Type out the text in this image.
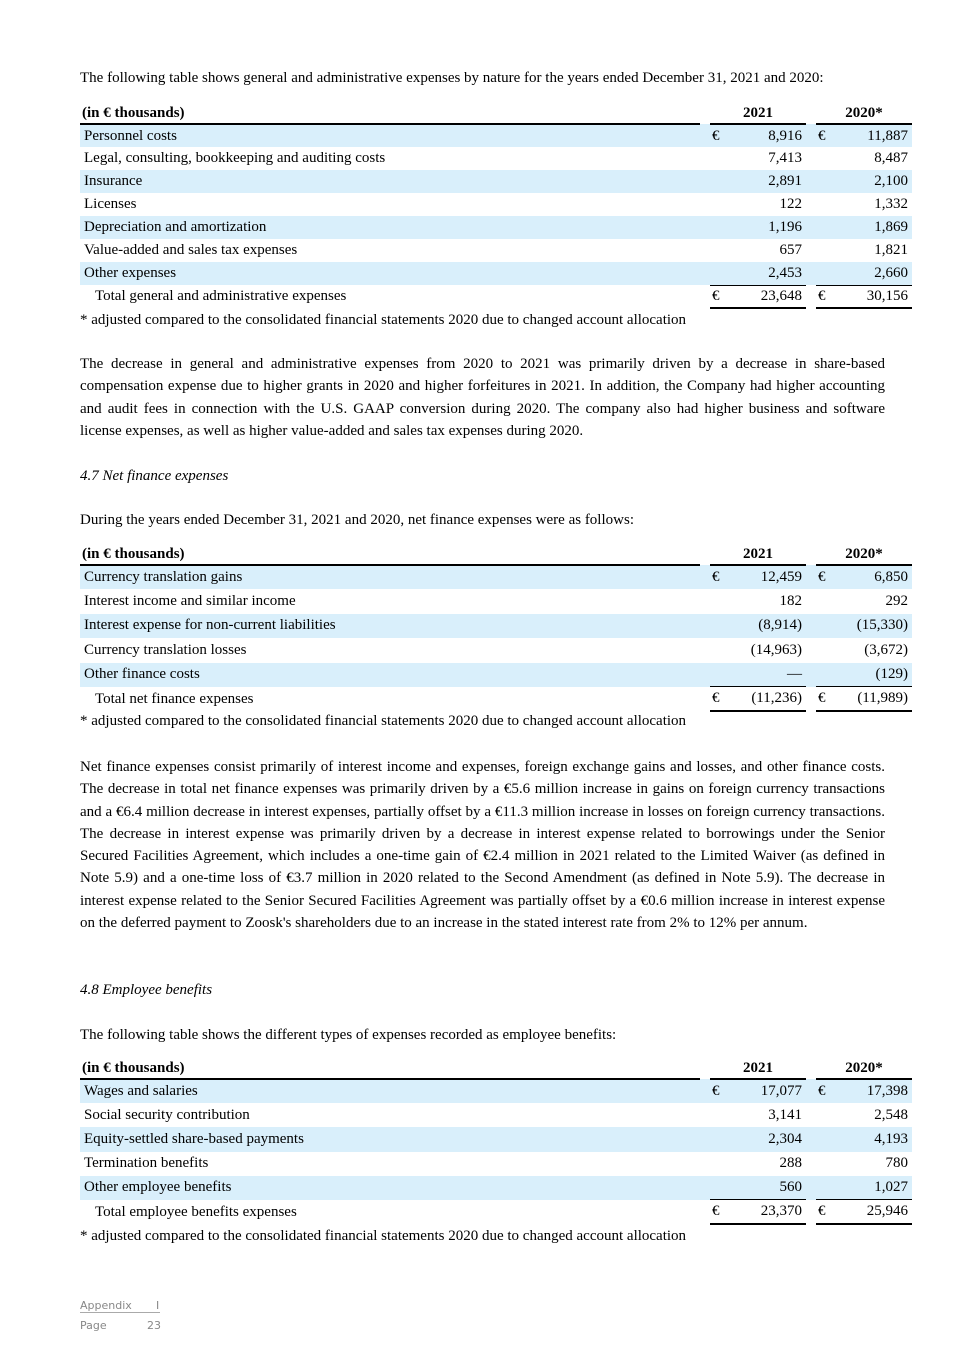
The following table shows general and administrative expenses by nature for the years ended December 31, 2021 and 2020:
(in € thousands)		2021			2020*	
Personnel costs		€	8,916		€	11,887
Legal, consulting, bookkeeping and auditing costs			7,413			8,487
Insurance			2,891			2,100
Licenses			122			1,332
Depreciation and amortization			1,196			1,869
Value-added and sales tax expenses			657			1,821
Other expenses			2,453			2,660
Total general and administrative expenses		€	23,648		€	30,156
* adjusted compared to the consolidated financial statements 2020 due to changed account allocation

The decrease in general and administrative expenses from 2020 to 2021 was primarily driven by a decrease in share-based compensation expense due to higher grants in 2020 and higher forfeitures in 2021. In addition, the Company had higher accounting and audit fees in connection with the U.S. GAAP conversion during 2020. The company also had higher business and software license expenses, as well as higher value-added and sales tax expenses during 2020.

4.7 Net finance expenses
During the years ended December 31, 2021 and 2020, net finance expenses were as follows:
(in € thousands)		2021			2020*	
Currency translation gains		€	12,459		€	6,850
Interest income and similar income			182			292
Interest expense for non-current liabilities			(8,914)			(15,330)
Currency translation losses			(14,963)			(3,672)
Other finance costs			—			(129)
Total net finance expenses		€	(11,236)		€	(11,989)
* adjusted compared to the consolidated financial statements 2020 due to changed account allocation

Net finance expenses consist primarily of interest income and expenses, foreign exchange gains and losses, and other finance costs. The decrease in total net finance expenses was primarily driven by a €5.6 million increase in gains on foreign currency transactions and a €6.4 million decrease in interest expenses, partially offset by a €11.3 million increase in losses on foreign currency transactions. The decrease in interest expense was primarily driven by a decrease in interest expense related to borrowings under the Senior Secured Facilities Agreement, which includes a one-time gain of €2.4 million in 2021 related to the Limited Waiver (as defined in Note 5.9) and a one-time loss of €3.7 million in 2020 related to the Second Amendment (as defined in Note 5.9). The decrease in interest expense related to the Senior Secured Facilities Agreement was partially offset by a €0.6 million increase in interest expense on the deferred payment to Zoosk's shareholders due to an increase in the stated interest rate from 2% to 12% per annum.

4.8 Employee benefits
The following table shows the different types of expenses recorded as employee benefits:
(in € thousands)		2021			2020*	
Wages and salaries		€	17,077		€	17,398
Social security contribution			3,141			2,548
Equity-settled share-based payments			2,304			4,193
Termination benefits			288			780
Other employee benefits			560			1,027
Total employee benefits expenses		€	23,370		€	25,946
* adjusted compared to the consolidated financial statements 2020 due to changed account allocation
Appendix I
Page	23
